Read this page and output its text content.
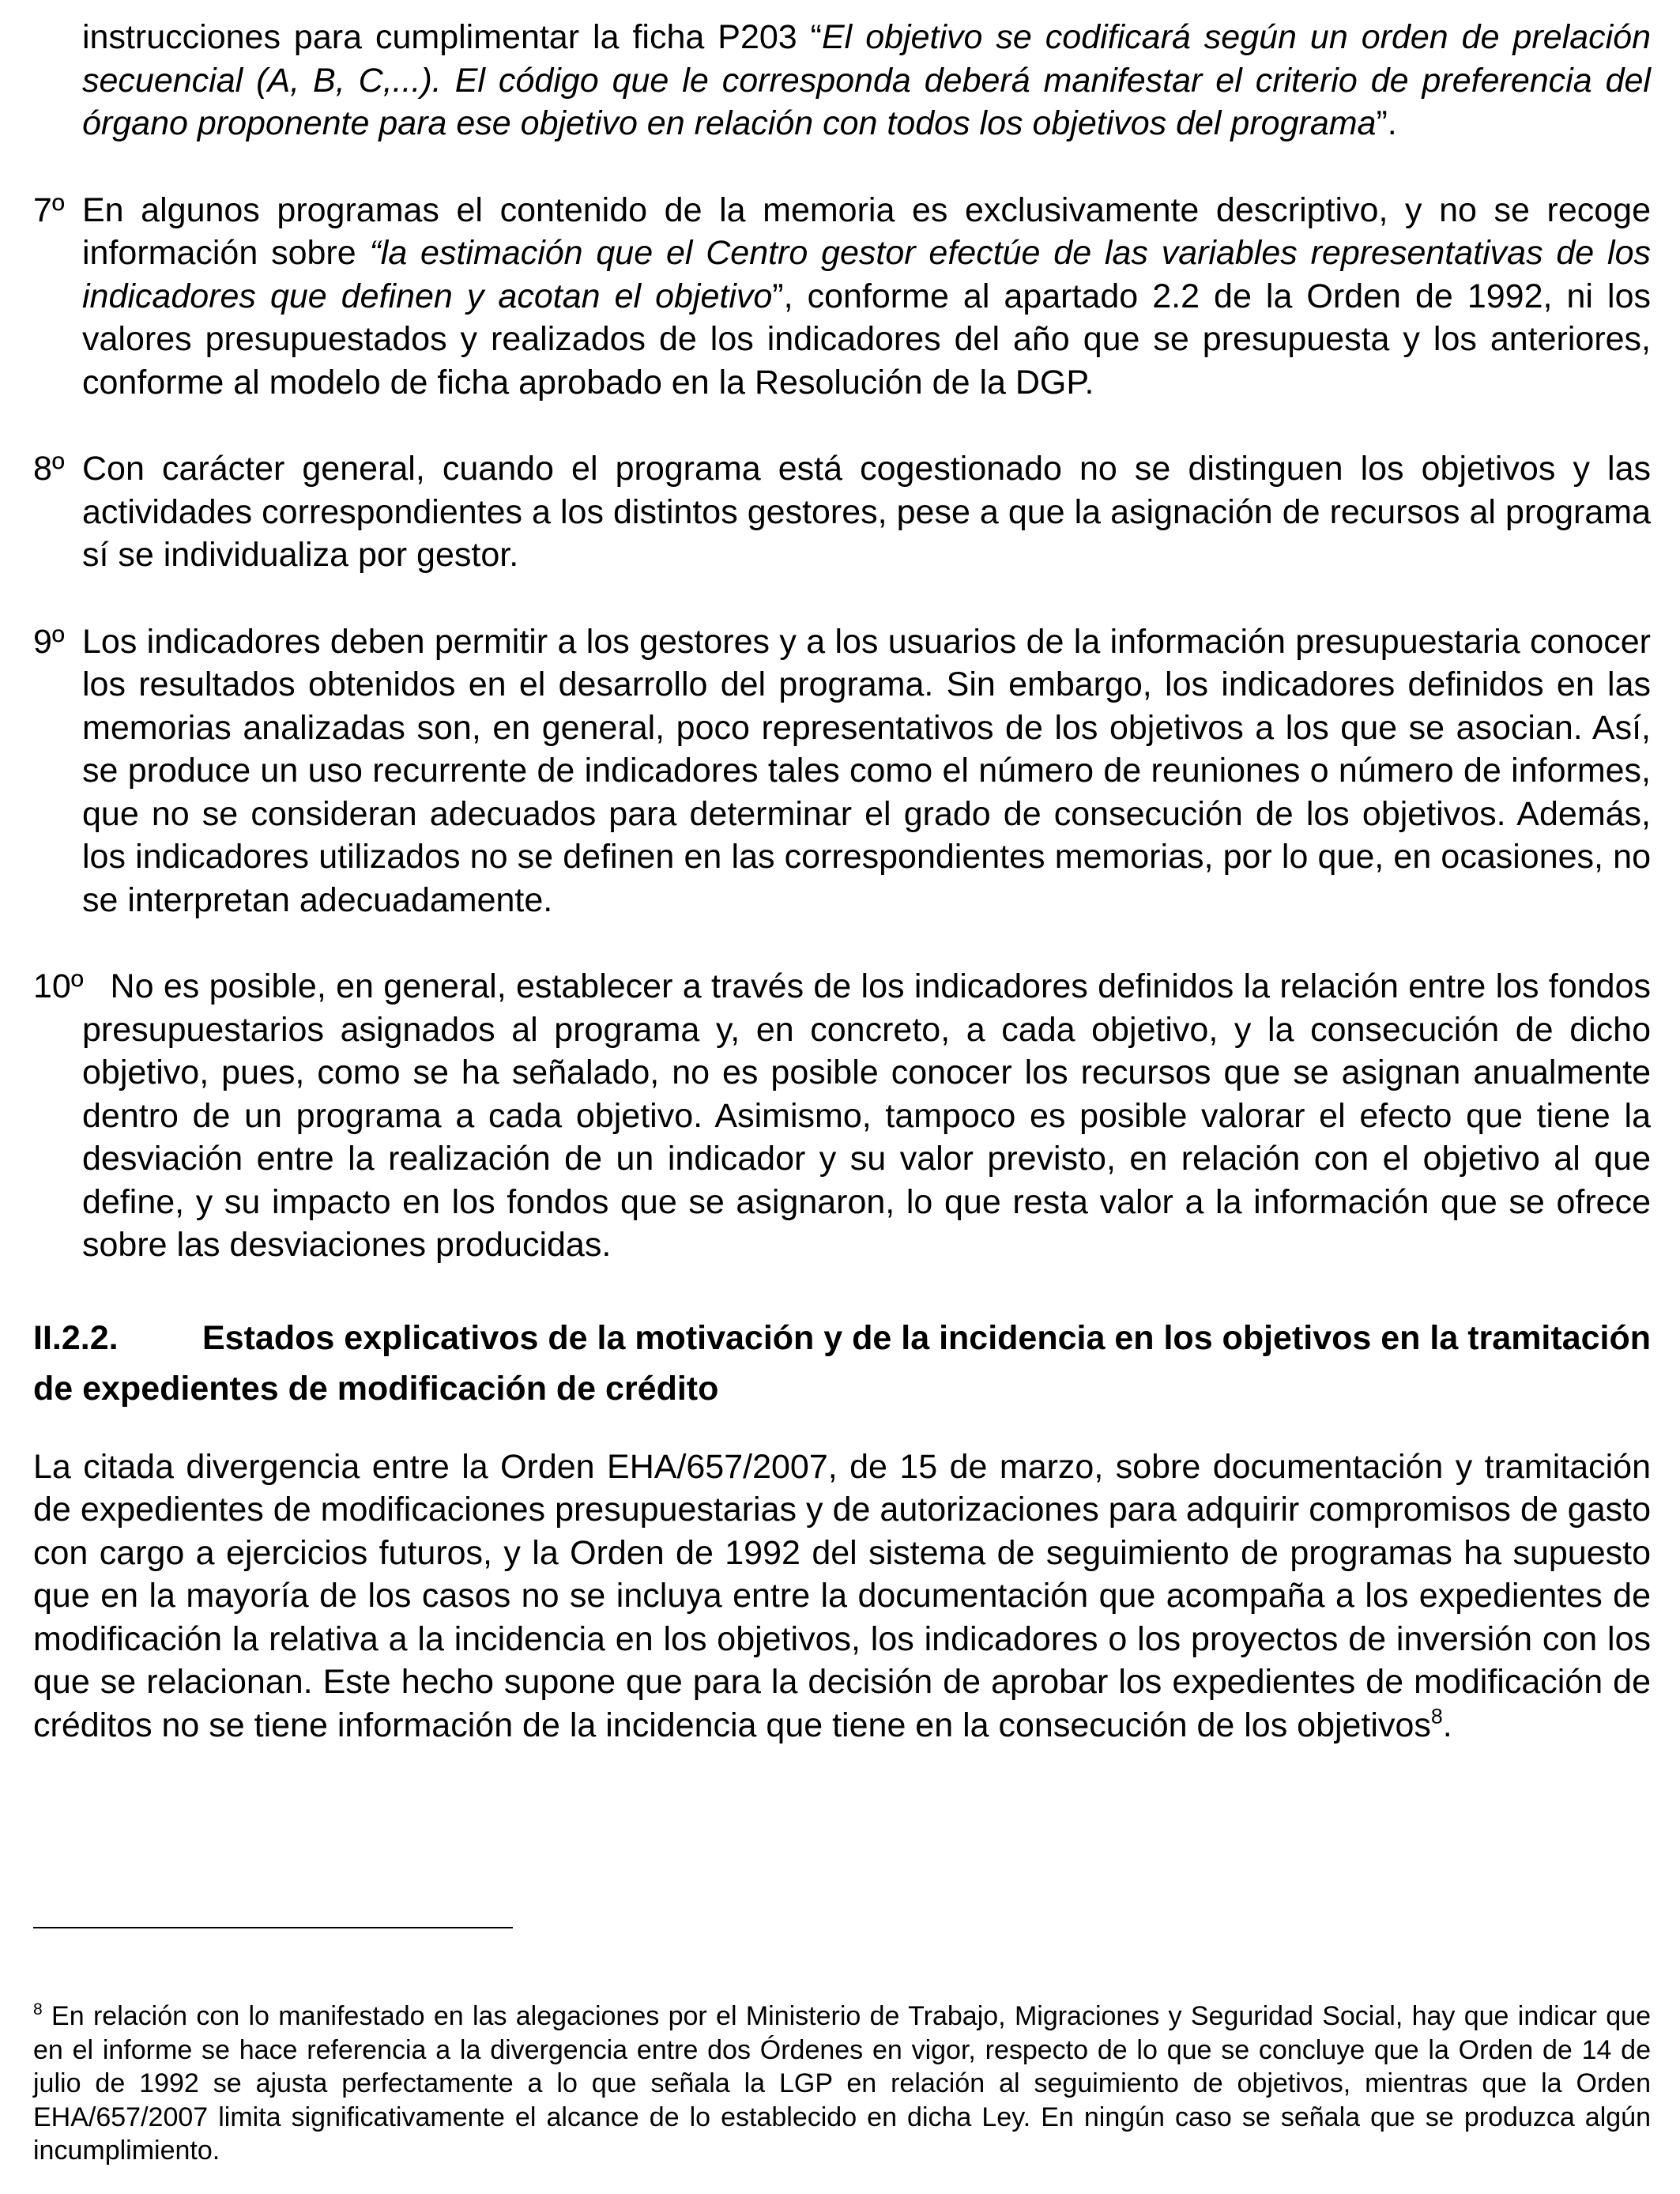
instrucciones para cumplimentar la ficha P203 “El objetivo se codificará según un orden de prelación secuencial (A, B, C,...). El código que le corresponda deberá manifestar el criterio de preferencia del órgano proponente para ese objetivo en relación con todos los objetivos del programa”.

7º En algunos programas el contenido de la memoria es exclusivamente descriptivo, y no se recoge información sobre “la estimación que el Centro gestor efectúe de las variables representativas de los indicadores que definen y acotan el objetivo”, conforme al apartado 2.2 de la Orden de 1992, ni los valores presupuestados y realizados de los indicadores del año que se presupuesta y los anteriores, conforme al modelo de ficha aprobado en la Resolución de la DGP.

8º Con carácter general, cuando el programa está cogestionado no se distinguen los objetivos y las actividades correspondientes a los distintos gestores, pese a que la asignación de recursos al programa sí se individualiza por gestor.

9º Los indicadores deben permitir a los gestores y a los usuarios de la información presupuestaria conocer los resultados obtenidos en el desarrollo del programa. Sin embargo, los indicadores definidos en las memorias analizadas son, en general, poco representativos de los objetivos a los que se asocian. Así, se produce un uso recurrente de indicadores tales como el número de reuniones o número de informes, que no se consideran adecuados para determinar el grado de consecución de los objetivos. Además, los indicadores utilizados no se definen en las correspondientes memorias, por lo que, en ocasiones, no se interpretan adecuadamente.

10º No es posible, en general, establecer a través de los indicadores definidos la relación entre los fondos presupuestarios asignados al programa y, en concreto, a cada objetivo, y la consecución de dicho objetivo, pues, como se ha señalado, no es posible conocer los recursos que se asignan anualmente dentro de un programa a cada objetivo. Asimismo, tampoco es posible valorar el efecto que tiene la desviación entre la realización de un indicador y su valor previsto, en relación con el objetivo al que define, y su impacto en los fondos que se asignaron, lo que resta valor a la información que se ofrece sobre las desviaciones producidas.

II.2.2. Estados explicativos de la motivación y de la incidencia en los objetivos en la tramitación de expedientes de modificación de crédito

La citada divergencia entre la Orden EHA/657/2007, de 15 de marzo, sobre documentación y tramitación de expedientes de modificaciones presupuestarias y de autorizaciones para adquirir compromisos de gasto con cargo a ejercicios futuros, y la Orden de 1992 del sistema de seguimiento de programas ha supuesto que en la mayoría de los casos no se incluya entre la documentación que acompaña a los expedientes de modificación la relativa a la incidencia en los objetivos, los indicadores o los proyectos de inversión con los que se relacionan. Este hecho supone que para la decisión de aprobar los expedientes de modificación de créditos no se tiene información de la incidencia que tiene en la consecución de los objetivos$^8$.

$^8$ En relación con lo manifestado en las alegaciones por el Ministerio de Trabajo, Migraciones y Seguridad Social, hay que indicar que en el informe se hace referencia a la divergencia entre dos Órdenes en vigor, respecto de lo que se concluye que la Orden de 14 de julio de 1992 se ajusta perfectamente a lo que señala la LGP en relación al seguimiento de objetivos, mientras que la Orden EHA/657/2007 limita significativamente el alcance de lo establecido en dicha Ley. En ningún caso se señala que se produzca algún incumplimiento.
